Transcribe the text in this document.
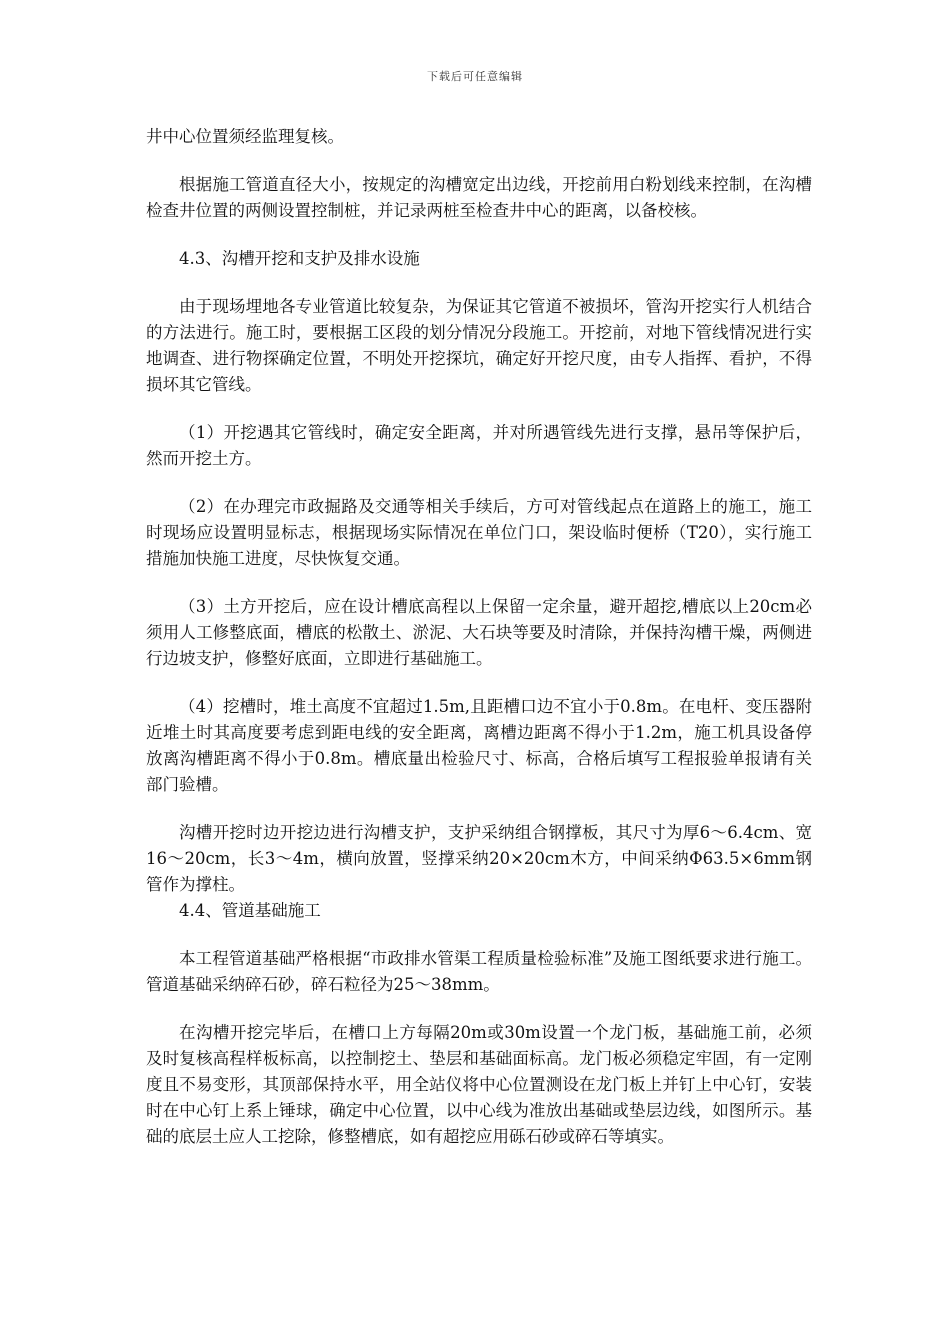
下载后可任意编辑

井中心位置须经监理复核。

根据施工管道直径大小，按规定的沟槽宽定出边线，开挖前用白粉划线来控制，在沟槽检查井位置的两侧设置控制桩，并记录两桩至检查井中心的距离，以备校核。

4.3、沟槽开挖和支护及排水设施

由于现场埋地各专业管道比较复杂，为保证其它管道不被损坏，管沟开挖实行人机结合的方法进行。施工时，要根据工区段的划分情况分段施工。开挖前，对地下管线情况进行实地调查、进行物探确定位置，不明处开挖探坑，确定好开挖尺度，由专人指挥、看护，不得损坏其它管线。

（1）开挖遇其它管线时，确定安全距离，并对所遇管线先进行支撑，悬吊等保护后，然而开挖土方。

（2）在办理完市政掘路及交通等相关手续后，方可对管线起点在道路上的施工，施工时现场应设置明显标志，根据现场实际情况在单位门口，架设临时便桥（T20），实行施工措施加快施工进度，尽快恢复交通。

（3）土方开挖后，应在设计槽底高程以上保留一定余量，避开超挖,槽底以上20cm必须用人工修整底面，槽底的松散土、淤泥、大石块等要及时清除，并保持沟槽干燥，两侧进行边坡支护，修整好底面，立即进行基础施工。

（4）挖槽时，堆土高度不宜超过1.5m,且距槽口边不宜小于0.8m。在电杆、变压器附近堆土时其高度要考虑到距电线的安全距离，离槽边距离不得小于1.2m，施工机具设备停放离沟槽距离不得小于0.8m。槽底量出检验尺寸、标高，合格后填写工程报验单报请有关部门验槽。

沟槽开挖时边开挖边进行沟槽支护，支护采纳组合钢撑板，其尺寸为厚6～6.4cm、宽16～20cm，长3～4m，横向放置，竖撑采纳20×20cm木方，中间采纳Φ63.5×6mm钢管作为撑柱。

4.4、管道基础施工

本工程管道基础严格根据“市政排水管渠工程质量检验标准”及施工图纸要求进行施工。管道基础采纳碎石砂，碎石粒径为25～38mm。

在沟槽开挖完毕后，在槽口上方每隔20m或30m设置一个龙门板，基础施工前，必须及时复核高程样板标高，以控制挖土、垫层和基础面标高。龙门板必须稳定牢固，有一定刚度且不易变形，其顶部保持水平，用全站仪将中心位置测设在龙门板上并钉上中心钉，安装时在中心钉上系上锤球，确定中心位置，以中心线为准放出基础或垫层边线，如图所示。基础的底层土应人工挖除，修整槽底，如有超挖应用砾石砂或碎石等填实。
